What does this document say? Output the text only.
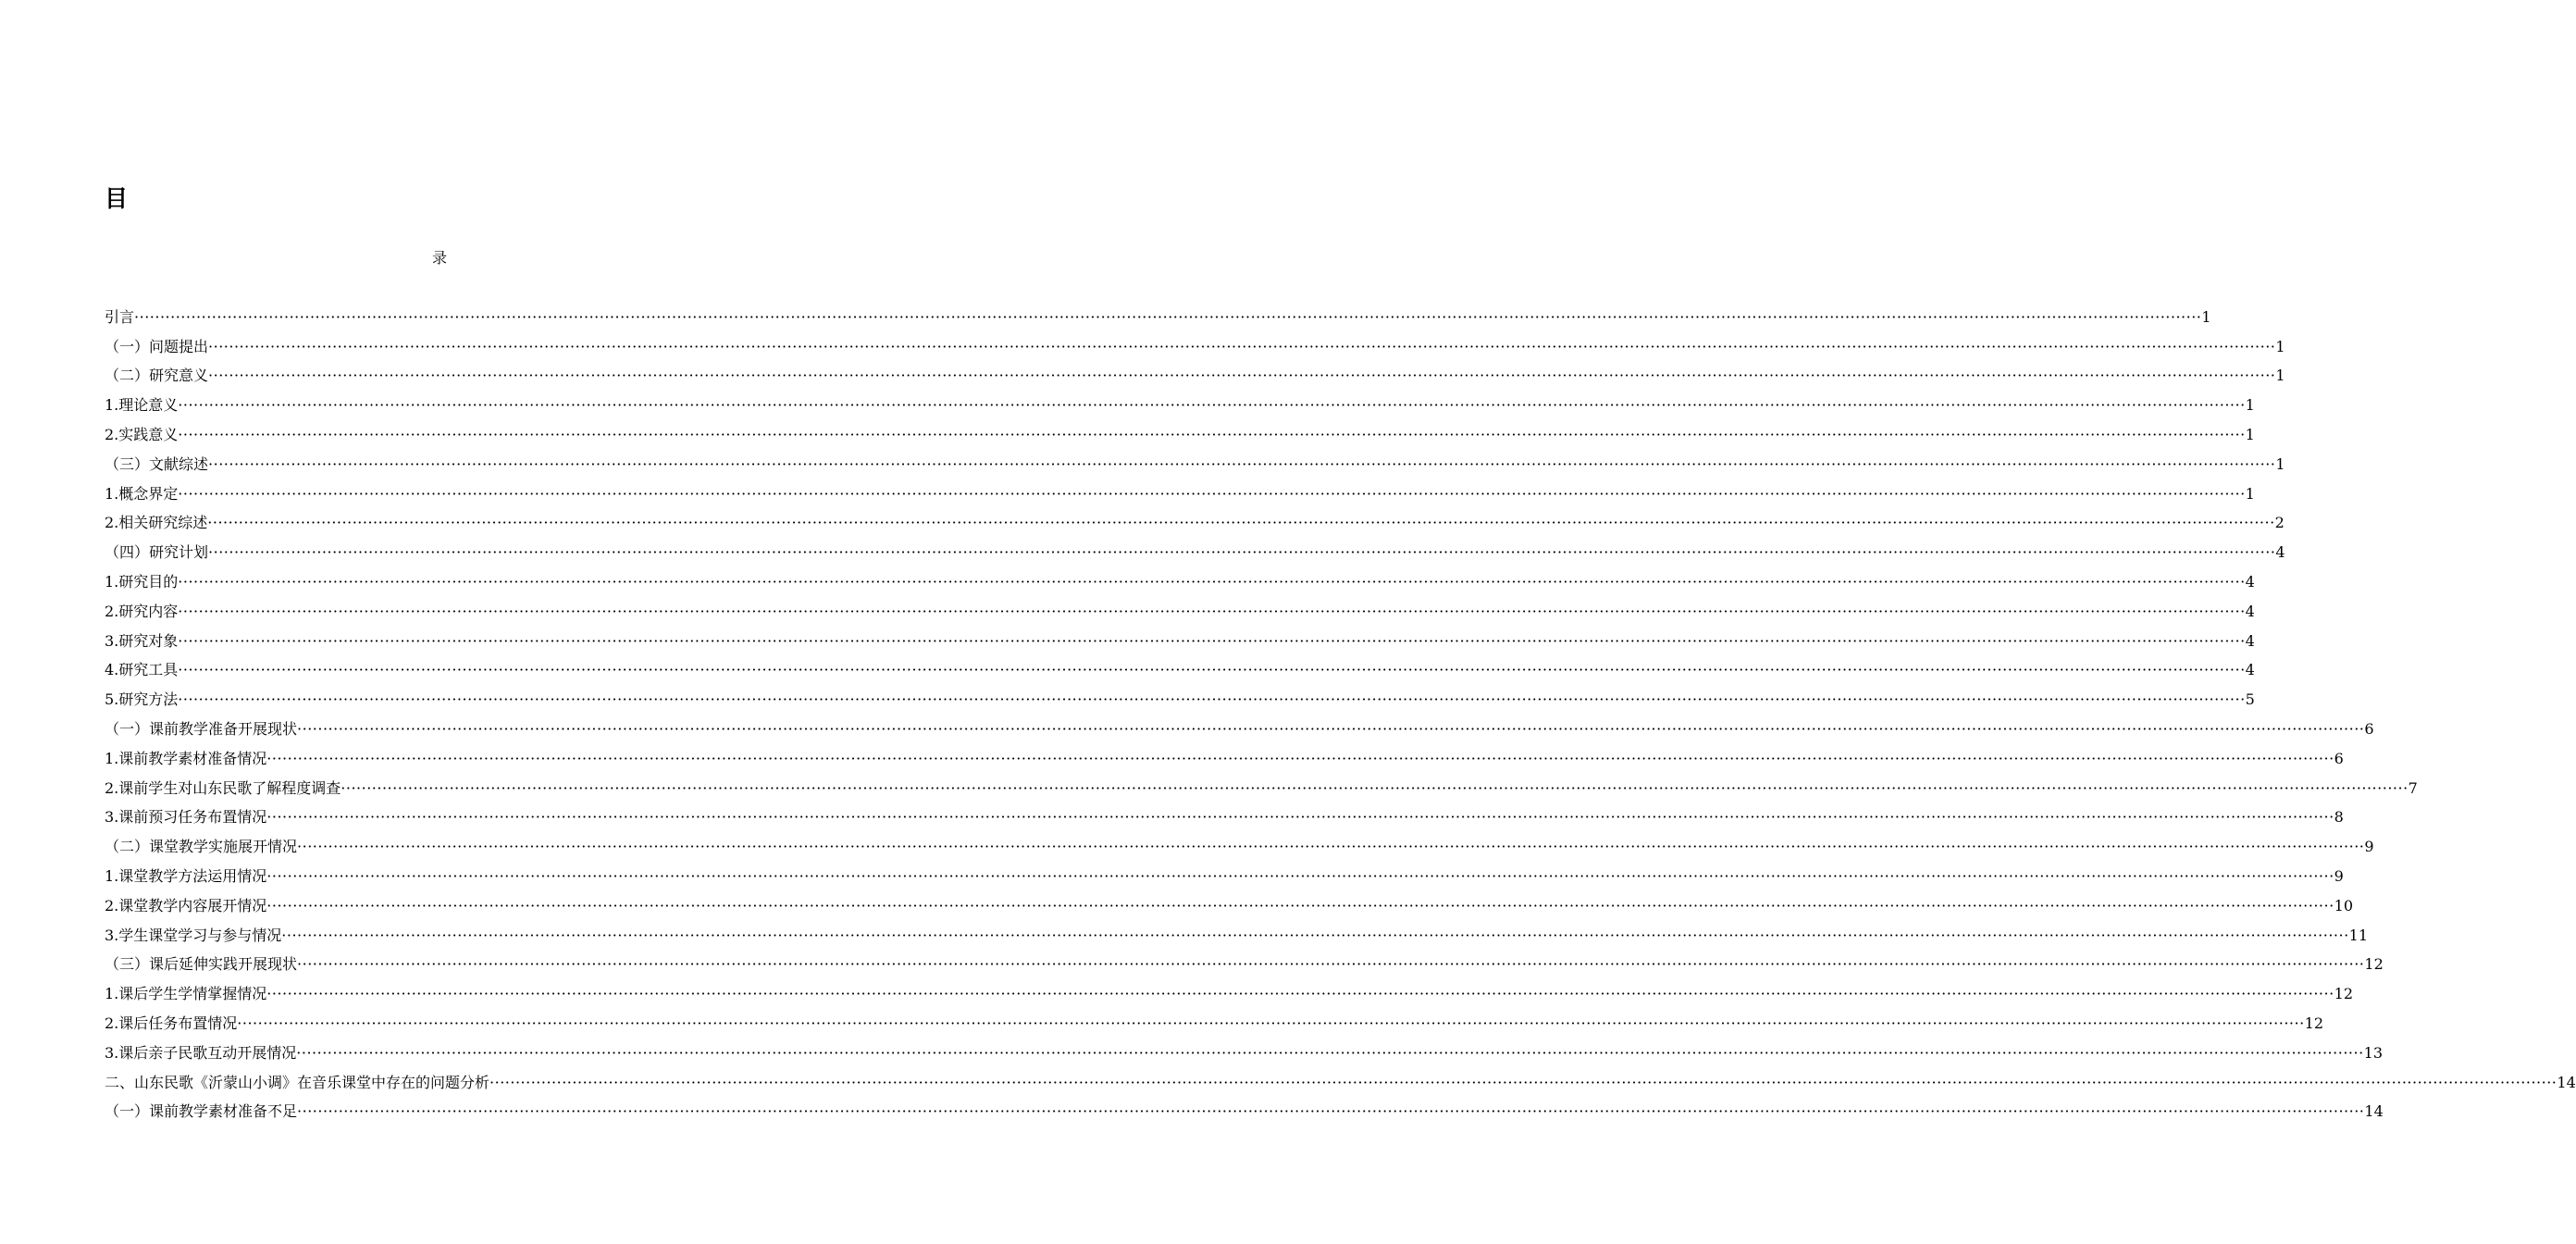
目
录
引言 ················································································································································································································································································································································································································ 1
（一）问题提出 ················································································································································································································································································································································································································ 1
（二）研究意义 ················································································································································································································································································································································································································ 1
1.理论意义 ················································································································································································································································································································································································································ 1
2.实践意义 ················································································································································································································································································································································································································ 1
（三）文献综述 ················································································································································································································································································································································································································ 1
1.概念界定 ················································································································································································································································································································································································································ 1
2.相关研究综述 ················································································································································································································································································································································································································ 2
（四）研究计划 ················································································································································································································································································································································································································ 4
1.研究目的 ················································································································································································································································································································································································································ 4
2.研究内容 ················································································································································································································································································································································································································ 4
3.研究对象 ················································································································································································································································································································································································································ 4
4.研究工具 ················································································································································································································································································································································································································ 4
5.研究方法 ················································································································································································································································································································································································································ 5
（一）课前教学准备开展现状 ················································································································································································································································································································································································································ 6
1.课前教学素材准备情况 ················································································································································································································································································································································································································ 6
2.课前学生对山东民歌了解程度调查 ················································································································································································································································································································································································································ 7
3.课前预习任务布置情况 ················································································································································································································································································································································································································ 8
（二）课堂教学实施展开情况 ················································································································································································································································································································································································································ 9
1.课堂教学方法运用情况 ················································································································································································································································································································································································································ 9
2.课堂教学内容展开情况 ················································································································································································································································································································································································································ 10
3.学生课堂学习与参与情况 ················································································································································································································································································································································································································ 11
（三）课后延伸实践开展现状 ················································································································································································································································································································································································································ 12
1.课后学生学情掌握情况 ················································································································································································································································································································································································································ 12
2.课后任务布置情况 ················································································································································································································································································································································································································ 12
3.课后亲子民歌互动开展情况 ················································································································································································································································································································································································································ 13
二、山东民歌《沂蒙山小调》在音乐课堂中存在的问题分析 ················································································································································································································································································································································································································ 14
（一）课前教学素材准备不足 ················································································································································································································································································································································································································ 14
